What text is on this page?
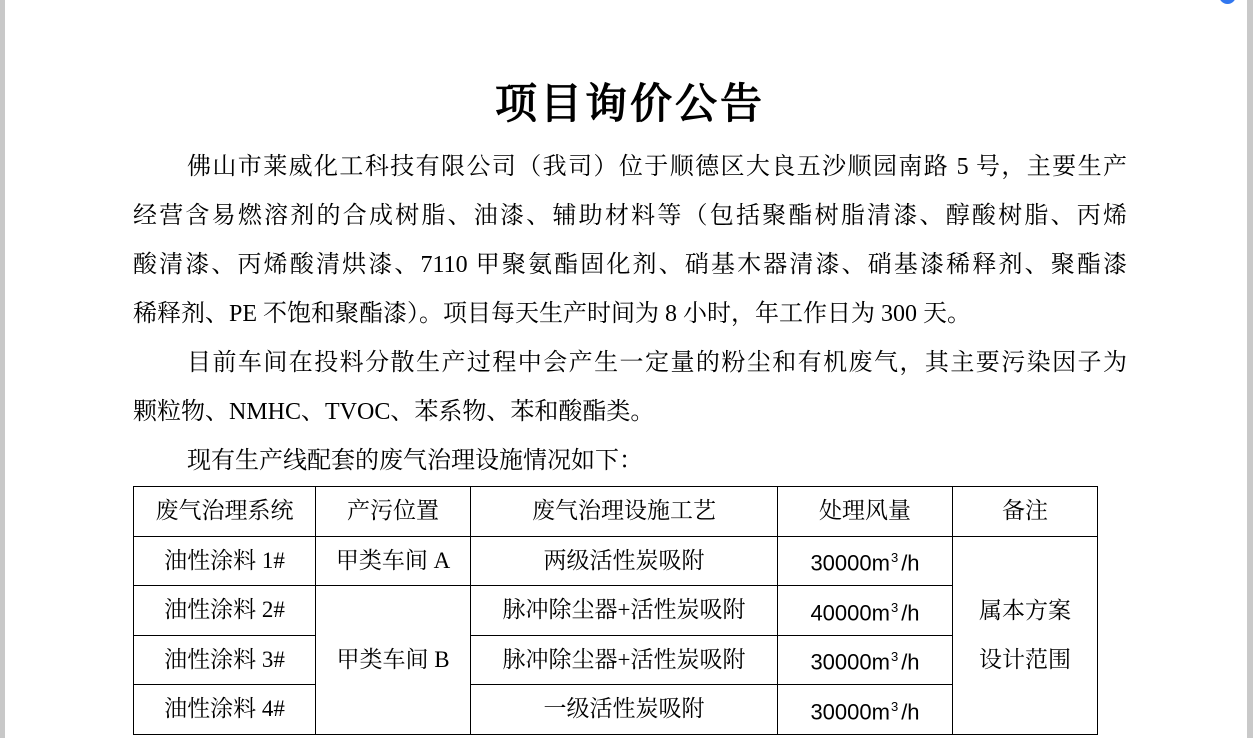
项目询价公告
佛山市莱威化工科技有限公司（我司）位于顺德区大良五沙顺园南路 5 号，主要生产
经营含易燃溶剂的合成树脂、油漆、辅助材料等（包括聚酯树脂清漆、醇酸树脂、丙烯
酸清漆、丙烯酸清烘漆、7110 甲聚氨酯固化剂、硝基木器清漆、硝基漆稀释剂、聚酯漆
稀释剂、PE 不饱和聚酯漆）。项目每天生产时间为 8 小时，年工作日为 300 天。
目前车间在投料分散生产过程中会产生一定量的粉尘和有机废气，其主要污染因子为
颗粒物、NMHC、TVOC、苯系物、苯和酸酯类。
现有生产线配套的废气治理设施情况如下：
废气治理系统	产污位置	废气治理设施工艺	处理风量	备注
油性涂料 1#	甲类车间 A	两级活性炭吸附	$30000m^3$ /h	属本方案
设计范围

油性涂料 2#	甲类车间 B	脉冲除尘器+活性炭吸附	$40000m^3$ /h	
油性涂料 3#		脉冲除尘器+活性炭吸附	$30000m^3$ /h	
油性涂料 4#		一级活性炭吸附	$30000m^3$ /h	
